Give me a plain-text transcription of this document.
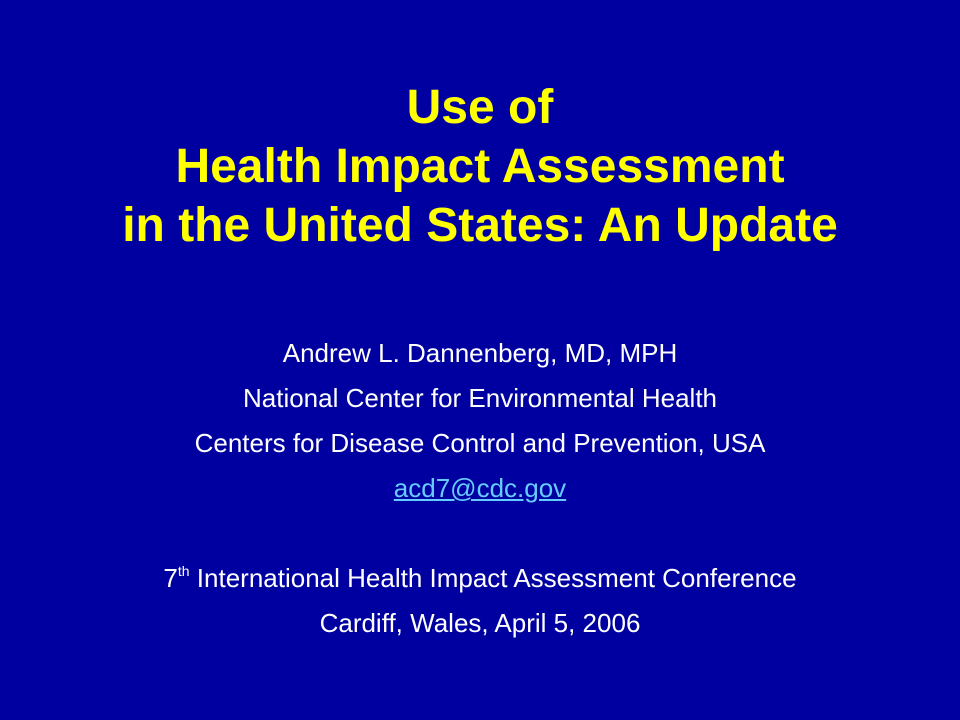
Use of
Health Impact Assessment
in the United States: An Update
Andrew L. Dannenberg, MD, MPH
National Center for Environmental Health
Centers for Disease Control and Prevention, USA
acd7@cdc.gov
7th International Health Impact Assessment Conference
Cardiff, Wales, April 5, 2006
